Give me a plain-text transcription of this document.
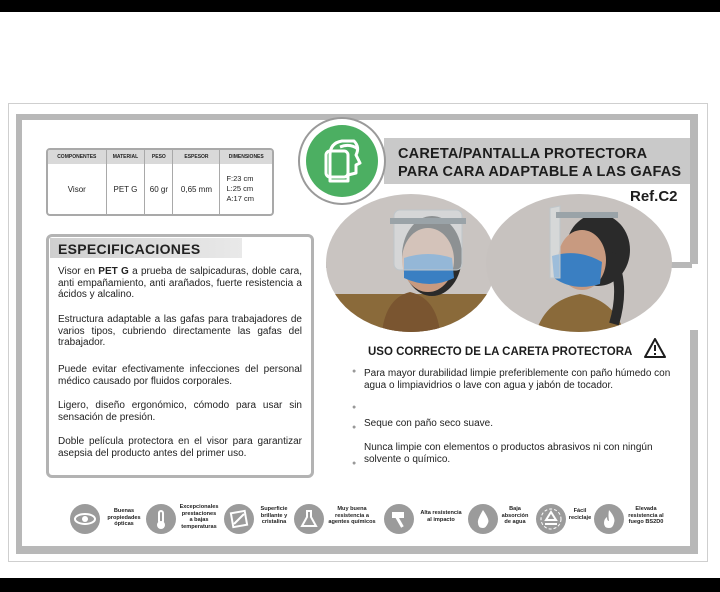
COMPONENTES	MATERIAL	PESO	ESPESOR	DIMENSIONES
Visor	PET G	60 gr	0,65 mm	F:23 cm
L:25 cm
A:17 cm
ESPECIFICACIONES
Visor en PET G a prueba de salpicaduras, doble cara, anti empañamiento, anti arañados, fuerte resistencia a ácidos y alcalino.
Estructura adaptable a las gafas para trabajadores de varios tipos, cubriendo directamente las gafas del trabajador.
Puede evitar efectivamente infecciones del personal médico causado por fluidos corporales.
Ligero, diseño ergonómico, cómodo para usar sin sensación de presión.
Doble película protectora en el visor para garantizar asepsia del producto antes del primer uso.
CARETA/PANTALLA PROTECTORA
PARA CARA ADAPTABLE A LAS GAFAS
Ref.C2
USO CORRECTO DE LA CARETA PROTECTORA
●
●
●
●
Para mayor durabilidad limpie preferiblemente con paño húmedo con agua o limpiavidrios o lave con agua y jabón de tocador.
Seque con paño seco suave.
Nunca limpie con elementos o productos abrasivos ni con ningún solvente o químico.
Buenas
propiedades
ópticas
Excepcionales
prestaciones
a bajas
temperaturas
Superficie
brillante y
cristalina
Muy buena
resistencia a
agentes químicos
Alta resistencia
al impacto
Baja
absorción
de agua
Fácil
reciclaje
Elevada
resistencia al
fuego BS2D0
